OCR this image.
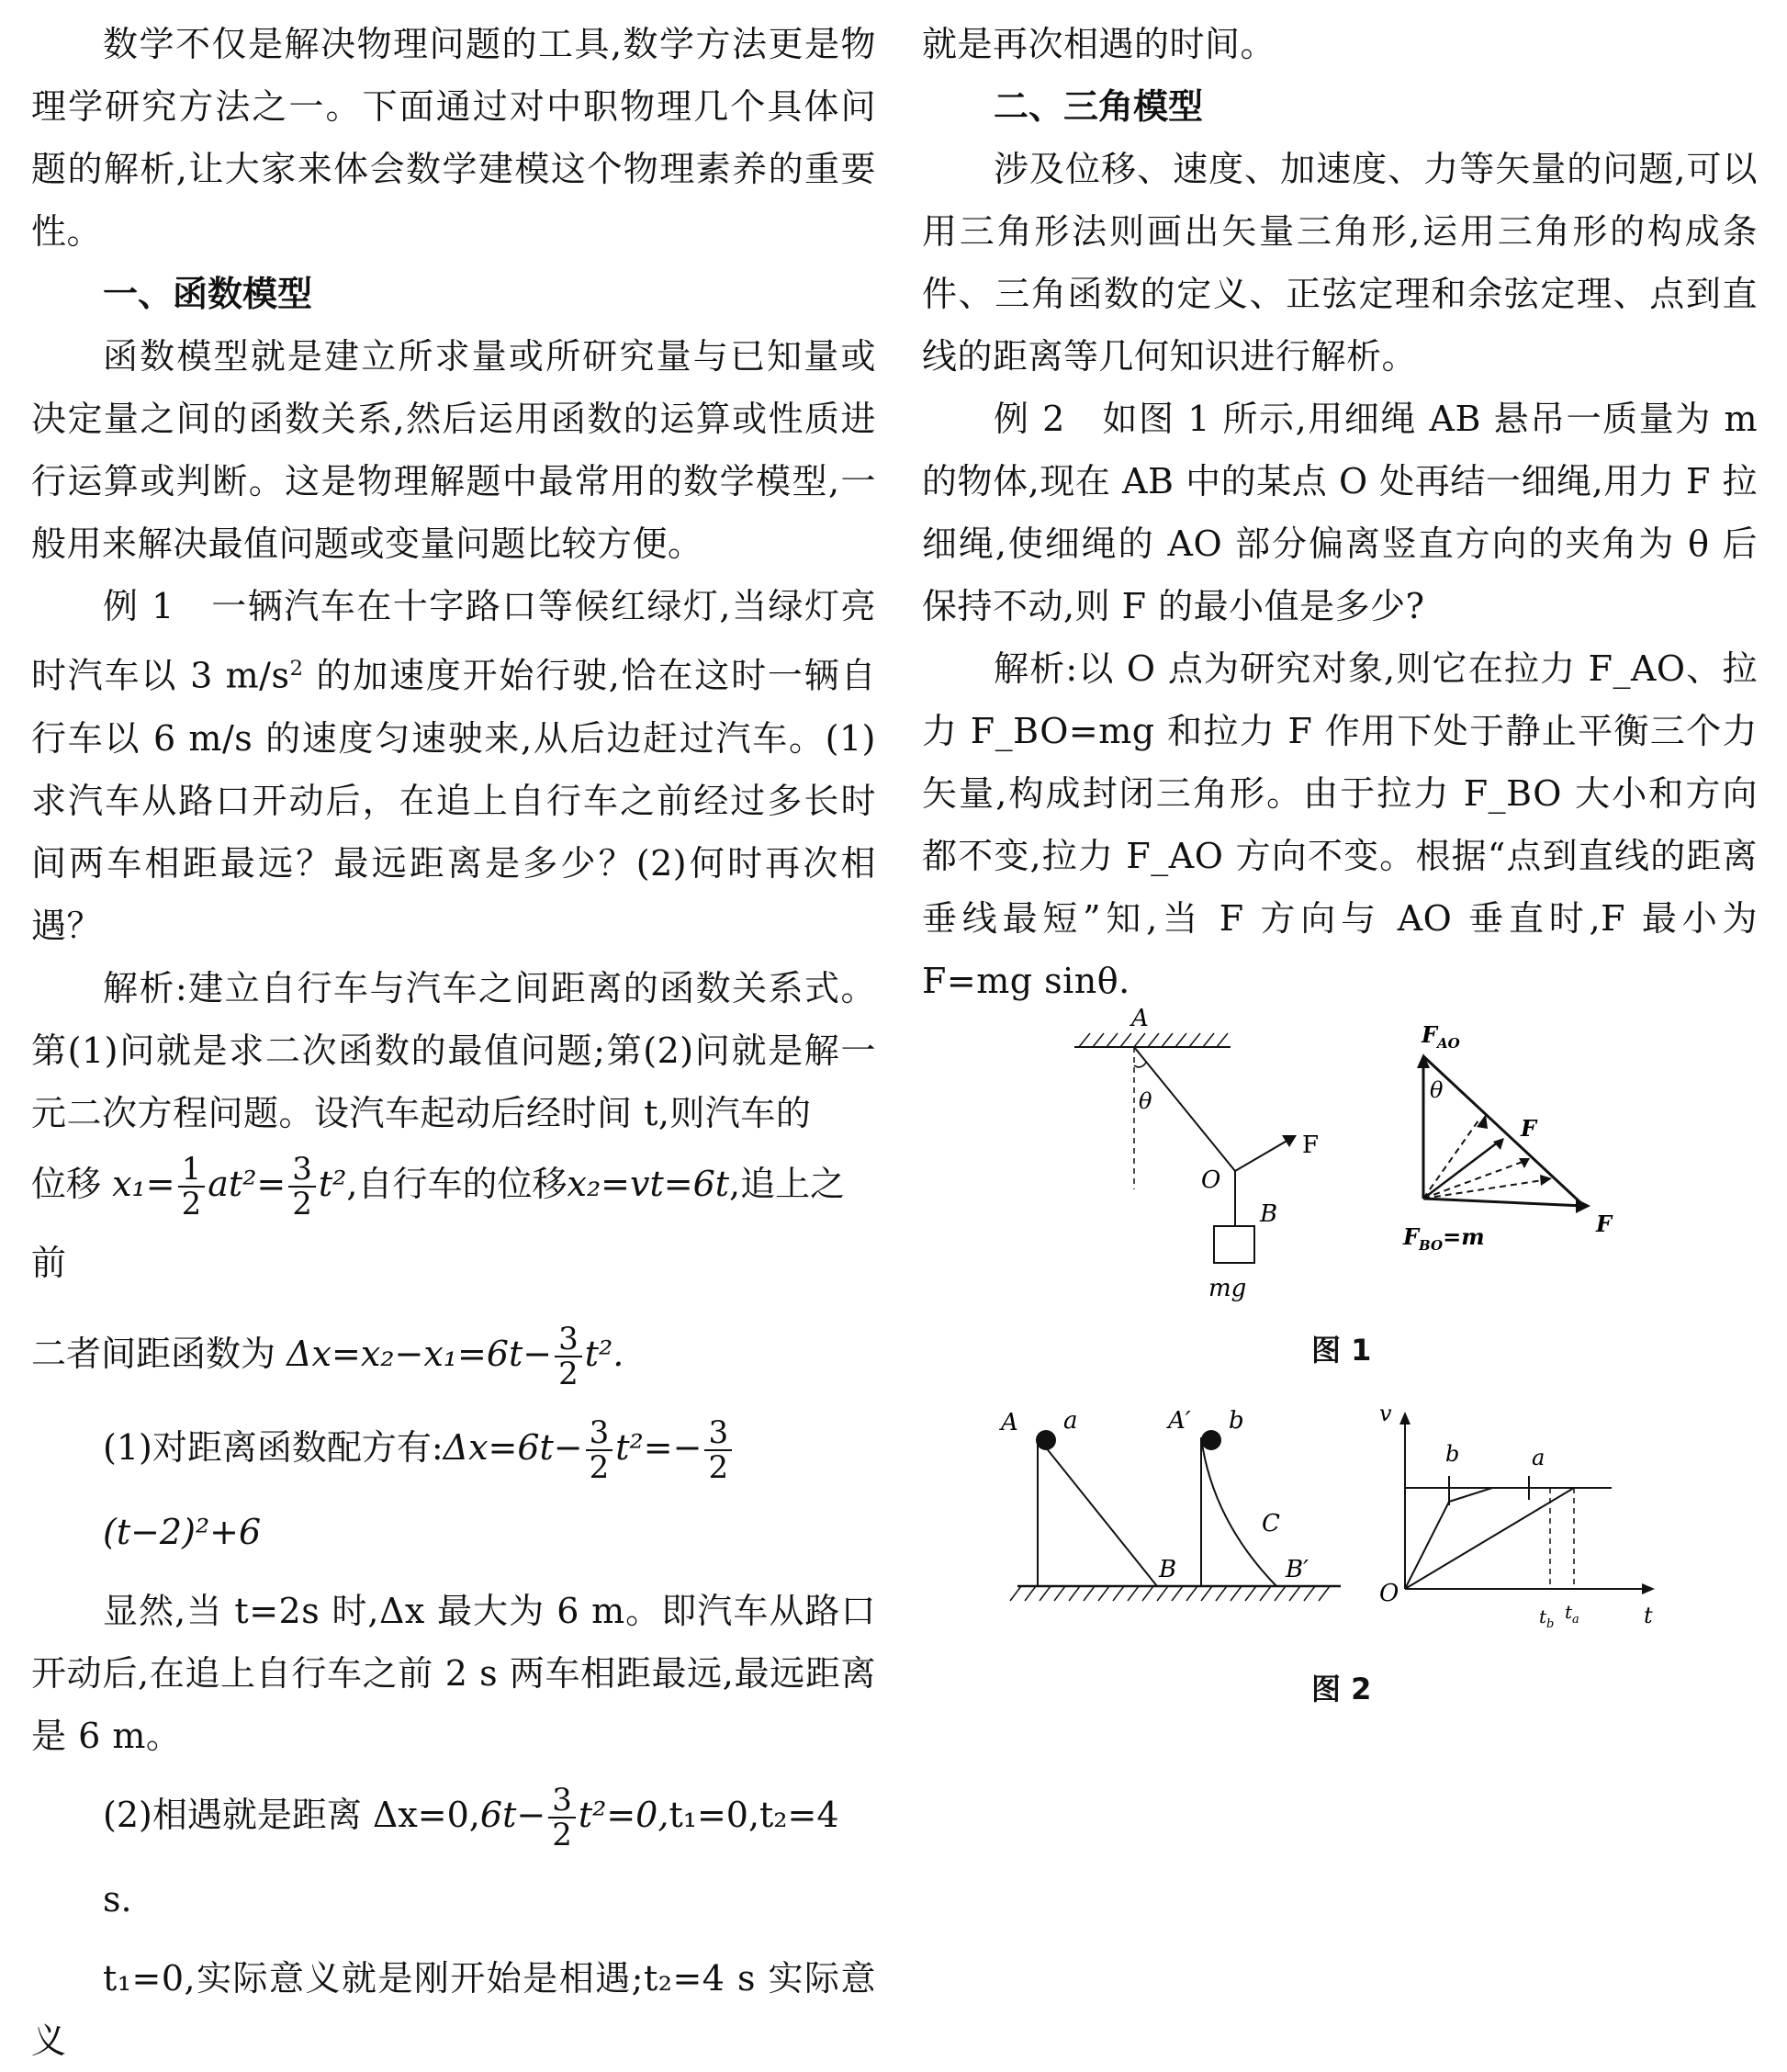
数学不仅是解决物理问题的工具,数学方法更是物理学研究方法之一。下面通过对中职物理几个具体问题的解析,让大家来体会数学建模这个物理素养的重要性。

一、函数模型

函数模型就是建立所求量或所研究量与已知量或决定量之间的函数关系,然后运用函数的运算或性质进行运算或判断。这是物理解题中最常用的数学模型,一般用来解决最值问题或变量问题比较方便。

例 1　一辆汽车在十字路口等候红绿灯,当绿灯亮时汽车以 3 $m/s^2$ 的加速度开始行驶,恰在这时一辆自行车以 6 m/s 的速度匀速驶来,从后边赶过汽车。(1)求汽车从路口开动后，在追上自行车之前经过多长时间两车相距最远？最远距离是多少？(2)何时再次相遇？

解析:建立自行车与汽车之间距离的函数关系式。第(1)问就是求二次函数的最值问题;第(2)问就是解一元二次方程问题。设汽车起动后经时间 t,则汽车的

位移 $x_1= \frac{1}{2} at^2= \frac{3}{2} t^2$,自行车的位移x₂=vt=6t,追上之前

二者间距函数为 $\Delta x=x_2-x_1=6t- \frac{3}{2} t^2$.

(1)对距离函数配方有:Δx=6t− $\frac{3}{2} t^2=- \frac{3}{2}$
(t−2)²+6

显然,当 t=2s 时,Δx 最大为 6 m。即汽车从路口开动后,在追上自行车之前 2 s 两车相距最远,最远距离是 6 m。

(2)相遇就是距离 $\Delta x=0,6t- \frac{3}{2} t^2=0,t_1=0,t_2=4$ s.

t₁=0,实际意义就是刚开始是相遇;t₂=4 s 实际意义

就是再次相遇的时间。

二、三角模型

涉及位移、速度、加速度、力等矢量的问题,可以用三角形法则画出矢量三角形,运用三角形的构成条件、三角函数的定义、正弦定理和余弦定理、点到直线的距离等几何知识进行解析。

例 2　如图 1 所示,用细绳 AB 悬吊一质量为 m 的物体,现在 AB 中的某点 O 处再结一细绳,用力 F 拉细绳,使细绳的 AO 部分偏离竖直方向的夹角为 θ 后保持不动,则 F 的最小值是多少?

解析:以 O 点为研究对象,则它在拉力 F_AO、拉力 F_BO=mg 和拉力 F 作用下处于静止平衡三个力矢量,构成封闭三角形。由于拉力 F_BO 大小和方向都不变,拉力 F_AO 方向不变。根据“点到直线的距离垂线最短”知,当 F 方向与 AO 垂直时,F 最小为 F=mg sinθ.

A
θ
F
O
B
mg
$F_{AO}$
θ
F
F
$F_{BO}=m$
图 1
A a
B
A′ b
C
B′
v
t
O
b	a
$t_b$
$t_a$
图 2
